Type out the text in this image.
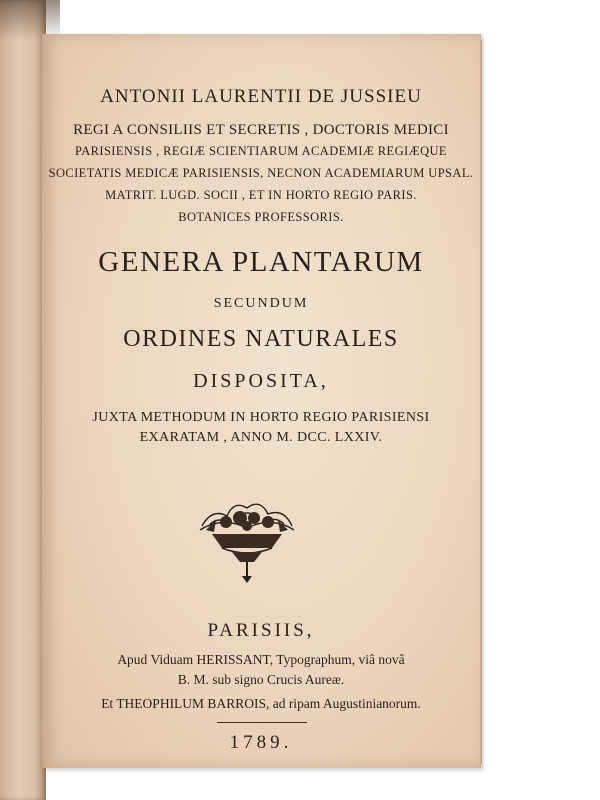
ANTONII LAURENTII DE JUSSIEU
REGI A CONSILIIS ET SECRETIS , DOCTORIS MEDICI
PARISIENSIS , REGIÆ SCIENTIARUM ACADEMIÆ REGIÆQUE
SOCIETATIS MEDICÆ PARISIENSIS, NECNON ACADEMIARUM UPSAL.
MATRIT. LUGD. SOCII , ET IN HORTO REGIO PARIS.
BOTANICES PROFESSORIS.
GENERA PLANTARUM
SECUNDUM
ORDINES NATURALES
DISPOSITA,
JUXTA METHODUM IN HORTO REGIO PARISIENSI
EXARATAM , ANNO M. DCC. LXXIV.
PARISIIS,
Apud Viduam HERISSANT, Typographum, viâ novâ
B. M. sub signo Crucis Aureæ.
Et THEOPHILUM BARROIS, ad ripam Augustinianorum.
1789.
